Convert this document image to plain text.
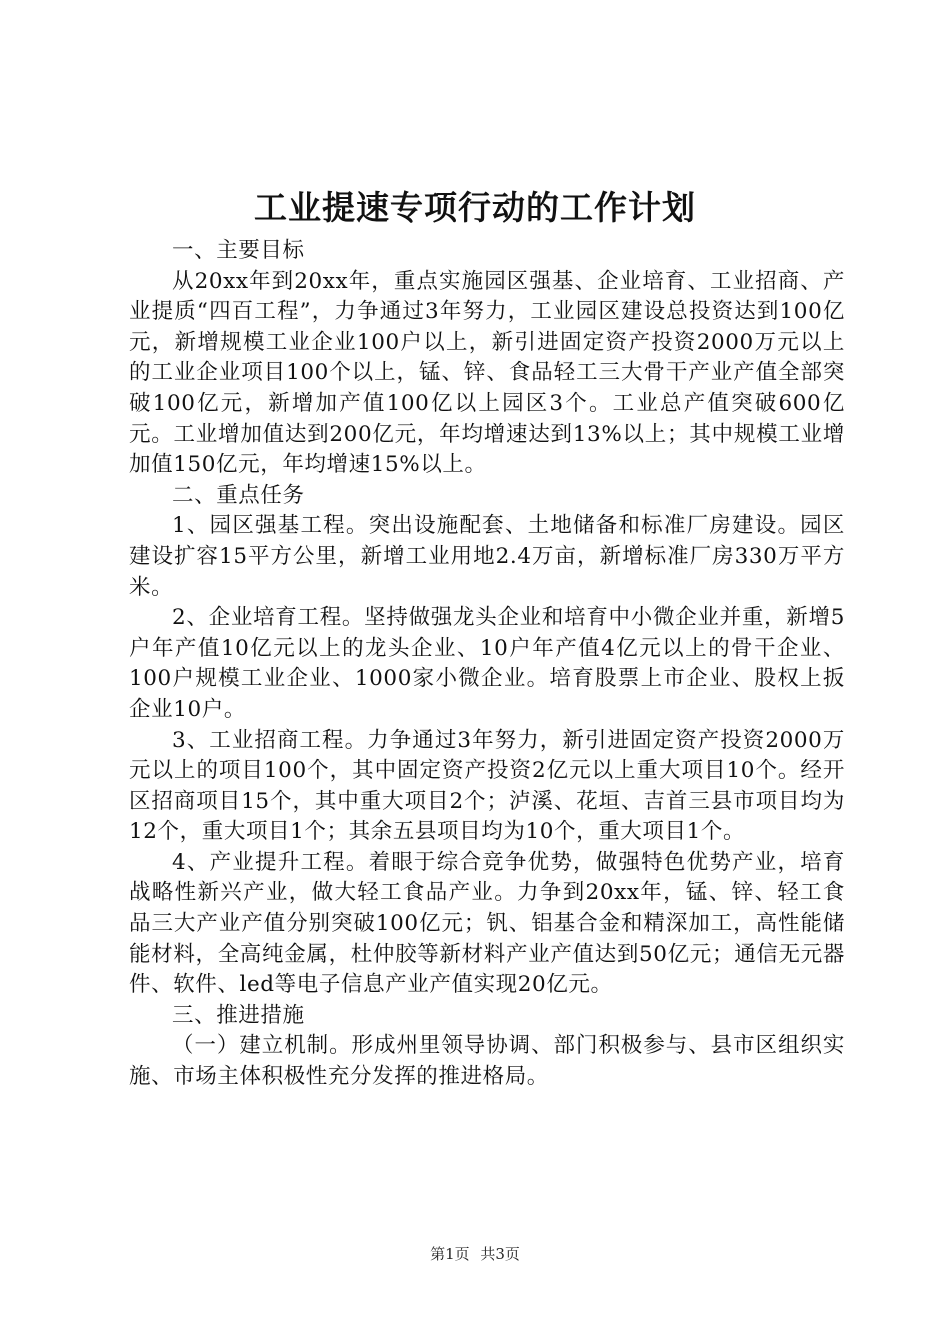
工业提速专项行动的工作计划

一、主要目标

从20xx年到20xx年，重点实施园区强基、企业培育、工业招商、产业提质“四百工程”，力争通过3年努力，工业园区建设总投资达到100亿元，新增规模工业企业100户以上，新引进固定资产投资2000万元以上的工业企业项目100个以上，锰、锌、食品轻工三大骨干产业产值全部突破100亿元，新增加产值100亿以上园区3个。工业总产值突破600亿元。工业增加值达到200亿元，年均增速达到13%以上；其中规模工业增加值150亿元，年均增速15%以上。

二、重点任务

1、园区强基工程。突出设施配套、土地储备和标准厂房建设。园区建设扩容15平方公里，新增工业用地2.4万亩，新增标准厂房330万平方米。

2、企业培育工程。坚持做强龙头企业和培育中小微企业并重，新增5户年产值10亿元以上的龙头企业、10户年产值4亿元以上的骨干企业、100户规模工业企业、1000家小微企业。培育股票上市企业、股权上扳企业10户。

3、工业招商工程。力争通过3年努力，新引进固定资产投资2000万元以上的项目100个，其中固定资产投资2亿元以上重大项目10个。经开区招商项目15个，其中重大项目2个；泸溪、花垣、吉首三县市项目均为12个，重大项目1个；其余五县项目均为10个，重大项目1个。

4、产业提升工程。着眼于综合竞争优势，做强特色优势产业，培育战略性新兴产业，做大轻工食品产业。力争到20xx年，锰、锌、轻工食品三大产业产值分别突破100亿元；钒、铝基合金和精深加工，高性能储能材料，全高纯金属，杜仲胶等新材料产业产值达到50亿元；通信无元器件、软件、led等电子信息产业产值实现20亿元。

三、推进措施

（一）建立机制。形成州里领导协调、部门积极参与、县市区组织实施、市场主体积极性充分发挥的推进格局。

第1页 共3页
